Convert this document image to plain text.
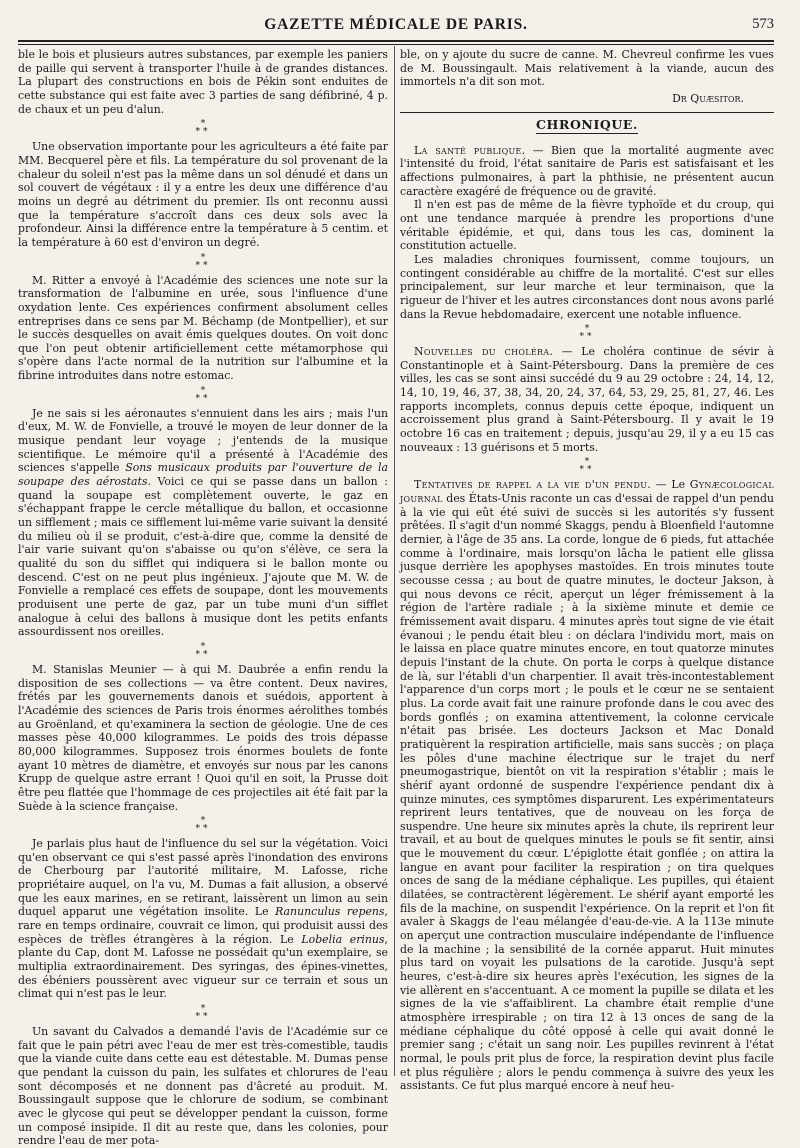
GAZETTE MÉDICALE DE PARIS.	573

ble le bois et plusieurs autres substances, par exemple les paniers de paille qui servent à transporter l'huile à de grandes distances. La plupart des constructions en bois de Pékin sont enduites de cette substance qui est faite avec 3 parties de sang défibriné, 4 p. de chaux et un peu d'alun.

*
**

Une observation importante pour les agriculteurs a été faite par MM. Becquerel père et fils. La température du sol provenant de la chaleur du soleil n'est pas la même dans un sol dénudé et dans un sol couvert de végétaux : il y a entre les deux une différence d'au moins un degré au détriment du premier. Ils ont reconnu aussi que la température s'accroît dans ces deux sols avec la profondeur. Ainsi la différence entre la température à 5 centim. et la température à 60 est d'environ un degré.

*
**

M. Ritter a envoyé à l'Académie des sciences une note sur la transformation de l'albumine en urée, sous l'influence d'une oxydation lente. Ces expériences confirment absolument celles entreprises dans ce sens par M. Béchamp (de Montpellier), et sur le succès desquelles on avait émis quelques doutes. On voit donc que l'on peut obtenir artificiellement cette métamorphose qui s'opère dans l'acte normal de la nutrition sur l'albumine et la fibrine introduites dans notre estomac.

*
**

Je ne sais si les aéronautes s'ennuient dans les airs ; mais l'un d'eux, M. W. de Fonvielle, a trouvé le moyen de leur donner de la musique pendant leur voyage ; j'entends de la musique scientifique. Le mémoire qu'il a présenté à l'Académie des sciences s'appelle Sons musicaux produits par l'ouverture de la soupape des aérostats. Voici ce qui se passe dans un ballon : quand la soupape est complètement ouverte, le gaz en s'échappant frappe le cercle métallique du ballon, et occasionne un sifflement ; mais ce sifflement lui-même varie suivant la densité du milieu où il se produit, c'est-à-dire que, comme la densité de l'air varie suivant qu'on s'abaisse ou qu'on s'élève, ce sera la qualité du son du sifflet qui indiquera si le ballon monte ou descend. C'est on ne peut plus ingénieux. J'ajoute que M. W. de Fonvielle a remplacé ces effets de soupape, dont les mouvements produisent une perte de gaz, par un tube muni d'un sifflet analogue à celui des ballons à musique dont les petits enfants assourdissent nos oreilles.

*
**

M. Stanislas Meunier — à qui M. Daubrée a enfin rendu la disposition de ses collections — va être content. Deux navires, frétés par les gouvernements danois et suédois, apportent à l'Académie des sciences de Paris trois énormes aérolithes tombés au Groënland, et qu'examinera la section de géologie. Une de ces masses pèse 40,000 kilogrammes. Le poids des trois dépasse 80,000 kilogrammes. Supposez trois énormes boulets de fonte ayant 10 mètres de diamètre, et envoyés sur nous par les canons Krupp de quelque astre errant ! Quoi qu'il en soit, la Prusse doit être peu flattée que l'hommage de ces projectiles ait été fait par la Suède à la science française.

*
**

Je parlais plus haut de l'influence du sel sur la végétation. Voici qu'en observant ce qui s'est passé après l'inondation des environs de Cherbourg par l'autorité militaire, M. Lafosse, riche propriétaire auquel, on l'a vu, M. Dumas a fait allusion, a observé que les eaux marines, en se retirant, laissèrent un limon au sein duquel apparut une végétation insolite. Le Ranunculus repens, rare en temps ordinaire, couvrait ce limon, qui produisit aussi des espèces de trèfles étrangères à la région. Le Lobelia erinus, plante du Cap, dont M. Lafosse ne possédait qu'un exemplaire, se multiplia extraordinairement. Des syringas, des épines-vinettes, des ébéniers poussèrent avec vigueur sur ce terrain et sous un climat qui n'est pas le leur.

*
**

Un savant du Calvados a demandé l'avis de l'Académie sur ce fait que le pain pétri avec l'eau de mer est très-comestible, taudis que la viande cuite dans cette eau est détestable. M. Dumas pense que pendant la cuisson du pain, les sulfates et chlorures de l'eau sont décomposés et ne donnent pas d'âcreté au produit. M. Boussingault suppose que le chlorure de sodium, se combinant avec le glycose qui peut se développer pendant la cuisson, forme un composé insipide. Il dit au reste que, dans les colonies, pour rendre l'eau de mer pota-

ble, on y ajoute du sucre de canne. M. Chevreul confirme les vues de M. Boussingault. Mais relativement à la viande, aucun des immortels n'a dit son mot.

Dr Quæsitor.

CHRONIQUE.

La santé publique. — Bien que la mortalité augmente avec l'intensité du froid, l'état sanitaire de Paris est satisfaisant et les affections pulmonaires, à part la phthisie, ne présentent aucun caractère exagéré de fréquence ou de gravité.

Il n'en est pas de même de la fièvre typhoïde et du croup, qui ont une tendance marquée à prendre les proportions d'une véritable épidémie, et qui, dans tous les cas, dominent la constitution actuelle.

Les maladies chroniques fournissent, comme toujours, un contingent considérable au chiffre de la mortalité. C'est sur elles principalement, sur leur marche et leur terminaison, que la rigueur de l'hiver et les autres circonstances dont nous avons parlé dans la Revue hebdomadaire, exercent une notable influence.

*
**

Nouvelles du choléra. — Le choléra continue de sévir à Constantinople et à Saint-Pétersbourg. Dans la première de ces villes, les cas se sont ainsi succédé du 9 au 29 octobre : 24, 14, 12, 14, 10, 19, 46, 37, 38, 34, 20, 24, 37, 64, 53, 29, 25, 81, 27, 46. Les rapports incomplets, connus depuis cette époque, indiquent un accroissement plus grand à Saint-Pétersbourg. Il y avait le 19 octobre 16 cas en traitement ; depuis, jusqu'au 29, il y a eu 15 cas nouveaux : 13 guérisons et 5 morts.

*
**

Tentatives de rappel a la vie d'un pendu. — Le Gynæcological journal des États-Unis raconte un cas d'essai de rappel d'un pendu à la vie qui eût été suivi de succès si les autorités s'y fussent prêtées. Il s'agit d'un nommé Skaggs, pendu à Bloenfield l'automne dernier, à l'âge de 35 ans. La corde, longue de 6 pieds, fut attachée comme à l'ordinaire, mais lorsqu'on lâcha le patient elle glissa jusque derrière les apophyses mastoïdes. En trois minutes toute secousse cessa ; au bout de quatre minutes, le docteur Jakson, à qui nous devons ce récit, aperçut un léger frémissement à la région de l'artère radiale ; à la sixième minute et demie ce frémissement avait disparu. 4 minutes après tout signe de vie était évanoui ; le pendu était bleu : on déclara l'individu mort, mais on le laissa en place quatre minutes encore, en tout quatorze minutes depuis l'instant de la chute. On porta le corps à quelque distance de là, sur l'établi d'un charpentier. Il avait très-incontestablement l'apparence d'un corps mort ; le pouls et le cœur ne se sentaient plus. La corde avait fait une rainure profonde dans le cou avec des bords gonflés ; on examina attentivement, la colonne cervicale n'était pas brisée. Les docteurs Jackson et Mac Donald pratiquèrent la respiration artificielle, mais sans succès ; on plaça les pôles d'une machine électrique sur le trajet du nerf pneumogastrique, bientôt on vit la respiration s'établir ; mais le shérif ayant ordonné de suspendre l'expérience pendant dix à quinze minutes, ces symptômes disparurent. Les expérimentateurs reprirent leurs tentatives, que de nouveau on les força de suspendre. Une heure six minutes après la chute, ils reprirent leur travail, et au bout de quelques minutes le pouls se fit sentir, ainsi que le mouvement du cœur. L'épiglotte était gonflée ; on attira la langue en avant pour faciliter la respiration ; on tira quelques onces de sang de la médiane céphalique. Les pupilles, qui étaient dilatées, se contractèrent légèrement. Le shérif ayant emporté les fils de la machine, on suspendit l'expérience. On la reprit et l'on fit avaler à Skaggs de l'eau mélangée d'eau-de-vie. A la 113e minute on aperçut une contraction musculaire indépendante de l'influence de la machine ; la sensibilité de la cornée apparut. Huit minutes plus tard on voyait les pulsations de la carotide. Jusqu'à sept heures, c'est-à-dire six heures après l'exécution, les signes de la vie allèrent en s'accentuant. A ce moment la pupille se dilata et les signes de la vie s'affaiblirent. La chambre était remplie d'une atmosphère irrespirable ; on tira 12 à 13 onces de sang de la médiane céphalique du côté opposé à celle qui avait donné le premier sang ; c'était un sang noir. Les pupilles revinrent à l'état normal, le pouls prit plus de force, la respiration devint plus facile et plus régulière ; alors le pendu commença à suivre des yeux les assistants. Ce fut plus marqué encore à neuf heu-
